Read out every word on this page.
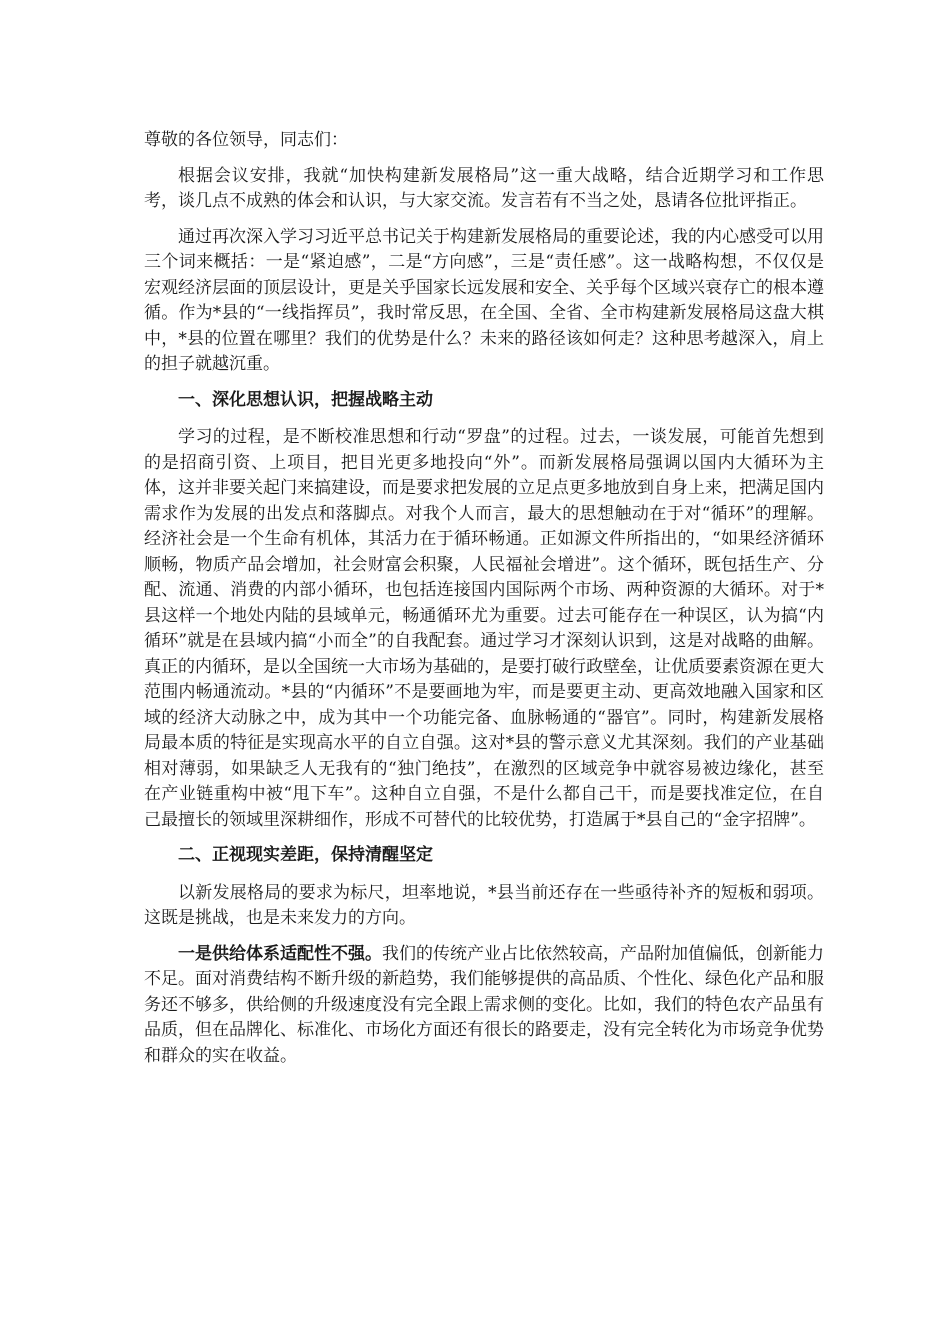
尊敬的各位领导，同志们：

根据会议安排，我就“加快构建新发展格局”这一重大战略，结合近期学习和工作思考，谈几点不成熟的体会和认识，与大家交流。发言若有不当之处，恳请各位批评指正。

通过再次深入学习习近平总书记关于构建新发展格局的重要论述，我的内心感受可以用三个词来概括：一是“紧迫感”，二是“方向感”，三是“责任感”。这一战略构想，不仅仅是宏观经济层面的顶层设计，更是关乎国家长远发展和安全、关乎每个区域兴衰存亡的根本遵循。作为*县的“一线指挥员”，我时常反思，在全国、全省、全市构建新发展格局这盘大棋中，*县的位置在哪里？我们的优势是什么？未来的路径该如何走？这种思考越深入，肩上的担子就越沉重。

一、深化思想认识，把握战略主动

学习的过程，是不断校准思想和行动“罗盘”的过程。过去，一谈发展，可能首先想到的是招商引资、上项目，把目光更多地投向“外”。而新发展格局强调以国内大循环为主体，这并非要关起门来搞建设，而是要求把发展的立足点更多地放到自身上来，把满足国内需求作为发展的出发点和落脚点。对我个人而言，最大的思想触动在于对“循环”的理解。经济社会是一个生命有机体，其活力在于循环畅通。正如源文件所指出的，“如果经济循环顺畅，物质产品会增加，社会财富会积聚，人民福祉会增进”。这个循环，既包括生产、分配、流通、消费的内部小循环，也包括连接国内国际两个市场、两种资源的大循环。对于*县这样一个地处内陆的县域单元，畅通循环尤为重要。过去可能存在一种误区，认为搞“内循环”就是在县域内搞“小而全”的自我配套。通过学习才深刻认识到，这是对战略的曲解。真正的内循环，是以全国统一大市场为基础的，是要打破行政壁垒，让优质要素资源在更大范围内畅通流动。*县的“内循环”不是要画地为牢，而是要更主动、更高效地融入国家和区域的经济大动脉之中，成为其中一个功能完备、血脉畅通的“器官”。同时，构建新发展格局最本质的特征是实现高水平的自立自强。这对*县的警示意义尤其深刻。我们的产业基础相对薄弱，如果缺乏人无我有的“独门绝技”，在激烈的区域竞争中就容易被边缘化，甚至在产业链重构中被“甩下车”。这种自立自强，不是什么都自己干，而是要找准定位，在自己最擅长的领域里深耕细作，形成不可替代的比较优势，打造属于*县自己的“金字招牌”。

二、正视现实差距，保持清醒坚定

以新发展格局的要求为标尺，坦率地说，*县当前还存在一些亟待补齐的短板和弱项。这既是挑战，也是未来发力的方向。

一是供给体系适配性不强。我们的传统产业占比依然较高，产品附加值偏低，创新能力不足。面对消费结构不断升级的新趋势，我们能够提供的高品质、个性化、绿色化产品和服务还不够多，供给侧的升级速度没有完全跟上需求侧的变化。比如，我们的特色农产品虽有品质，但在品牌化、标准化、市场化方面还有很长的路要走，没有完全转化为市场竞争优势和群众的实在收益。
